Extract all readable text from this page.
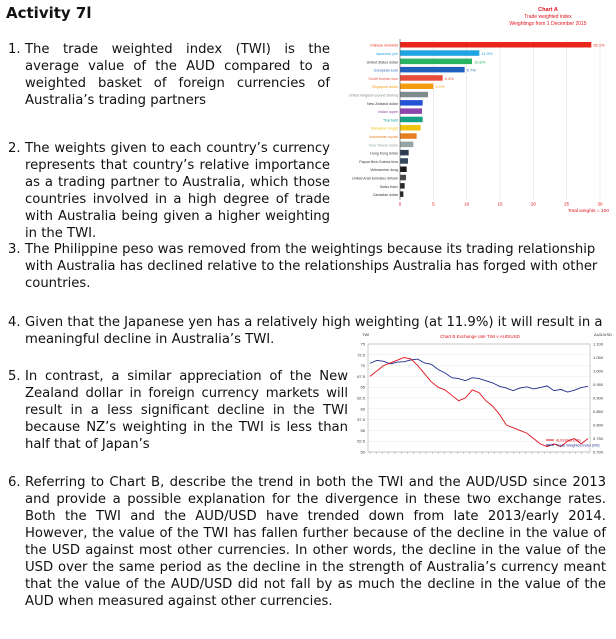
Activity 7l
1. The trade weighted index (TWI) is the average value of the AUD compared to a weighted basket of foreign currencies of Australia’s trading partners
2. The weights given to each country’s currency represents that country’s relative importance as a trading partner to Australia, which those countries involved in a high degree of trade with Australia being given a higher weighting in the TWI.
3. The Philippine peso was removed from the weightings because its trading relationship with Australia has declined relative to the relationships Australia has forged with other countries.
4. Given that the Japanese yen has a relatively high weighting (at 11.9%) it will result in a meaningful decline in Australia’s TWI.
5. In contrast, a similar appreciation of the New Zealand dollar in foreign currency markets will result in a less significant decline in the TWI because NZ’s weighting in the TWI is less than half that of Japan’s
6. Referring to Chart B, describe the trend in both the TWI and the AUD/USD since 2013 and provide a possible explanation for the divergence in these two exchange rates. Both the TWI and the AUD/USD have trended down from late 2013/early 2014. However, the value of the TWI has fallen further because of the decline in the value of the USD against most other currencies. In other words, the decline in the value of the USD over the same period as the decline in the strength of Australia’s currency meant that the value of the AUD/USD did not fall by as much the decline in the value of the AUD when measured against other currencies.
Chart A
Trade weighted index
Weightings from 1 December 2015
0	5	10	15	20	25	30
Chinese renminbi	26.1%
Japanese yen	11.9%
United States dollar	10.8%
European euro	9.7%
South Korean won	6.4%
Singapore dollar	5.0%
United Kingdom pound sterling
New Zealand dollar
Indian rupee
Thai baht
Malaysian ringgit
Indonesian rupiah
New Taiwan dollar
Hong Kong dollar
Papua New Guinea kina
Vietnamese dong
United Arab Emirates dirham
Swiss franc
Canadian dollar
Total weights = 100
Chart B Exchange rate TWI v AUD/USD
TWI	AUD/USD
75
72.5
70
67.5
65
62.5
60
57.5
55
52.5
50
1.100
1.050
1.000
0.950
0.900
0.850
0.800
0.750
0.700
AUD/USD (RS)
Trade Weighted Index (RS)
